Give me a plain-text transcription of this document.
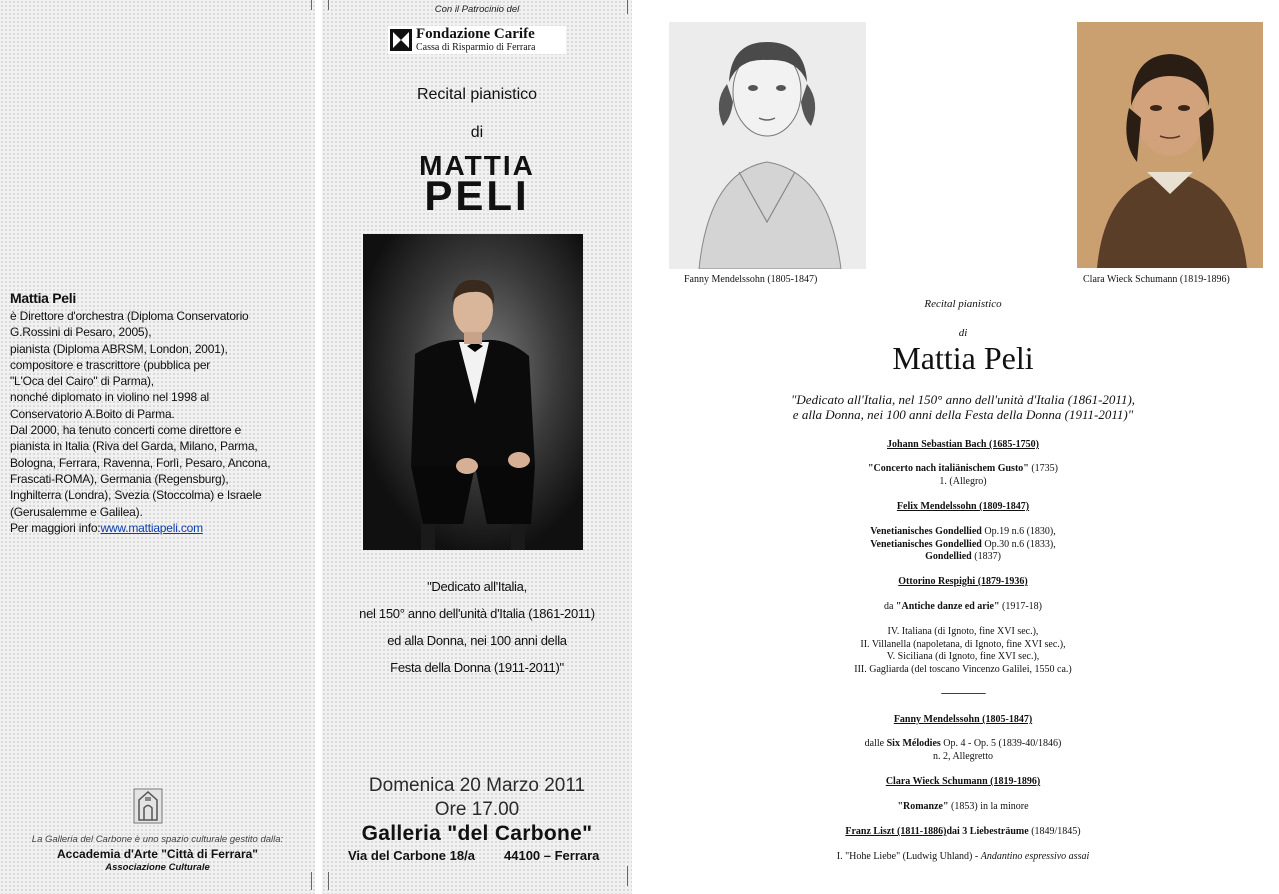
Mattia Peli
è Direttore d'orchestra (Diploma Conservatorio
G.Rossini di Pesaro, 2005),
pianista (Diploma ABRSM, London, 2001),
compositore e trascrittore (pubblica per
"L'Oca del Cairo" di Parma),
nonché diplomato in violino nel 1998 al
Conservatorio A.Boito di Parma.
Dal 2000, ha tenuto concerti come direttore e
pianista in Italia (Riva del Garda, Milano, Parma,
Bologna, Ferrara, Ravenna, Forlì, Pesaro, Ancona,
Frascati-ROMA), Germania (Regensburg),
Inghilterra (Londra), Svezia (Stoccolma) e Israele
(Gerusalemme e Galilea).
Per maggiori info:www.mattiapeli.com
La Galleria del Carbone è uno spazio culturale gestito dalla:
Accademia d'Arte "Città di Ferrara"
Associazione Culturale
Con il Patrocinio del
Fondazione Carife
Cassa di Risparmio di Ferrara
Recital pianistico
di
MATTIA
PELI
"Dedicato all'Italia,
nel 150° anno dell'unità d'Italia (1861-2011)
ed alla Donna, nei 100 anni della
Festa della Donna (1911-2011)"
Domenica 20 Marzo 2011
Ore 17.00
Galleria "del Carbone"
Via del Carbone 18/a 44100 – Ferrara
Fanny Mendelssohn (1805-1847)	Clara Wieck Schumann (1819-1896)
Recital pianistico
di
Mattia Peli
"Dedicato all'Italia, nel 150° anno dell'unità d'Italia (1861-2011),
e alla Donna, nei 100 anni della Festa della Donna (1911-2011)"
Johann Sebastian Bach (1685-1750)
"Concerto nach italiänischem Gusto" (1735)
1. (Allegro)
Felix Mendelssohn (1809-1847)
Venetianisches Gondellied Op.19 n.6 (1830),
Venetianisches Gondellied Op.30 n.6 (1833),
Gondellied (1837)
Ottorino Respighi (1879-1936)
da "Antiche danze ed arie" (1917-18)
IV. Italiana (di Ignoto, fine XVI sec.),
II. Villanella (napoletana, di Ignoto, fine XVI sec.),
V. Siciliana (di Ignoto, fine XVI sec.),
III. Gagliarda (del toscano Vincenzo Galilei, 1550 ca.)
-------------------
Fanny Mendelssohn (1805-1847)
dalle Six Mélodies Op. 4 - Op. 5 (1839-40/1846)
n. 2, Allegretto
Clara Wieck Schumann (1819-1896)
"Romanze" (1853) in la minore
Franz Liszt (1811-1886)dai 3 Liebesträume (1849/1845)
I. "Hohe Liebe" (Ludwig Uhland) - Andantino espressivo assai
